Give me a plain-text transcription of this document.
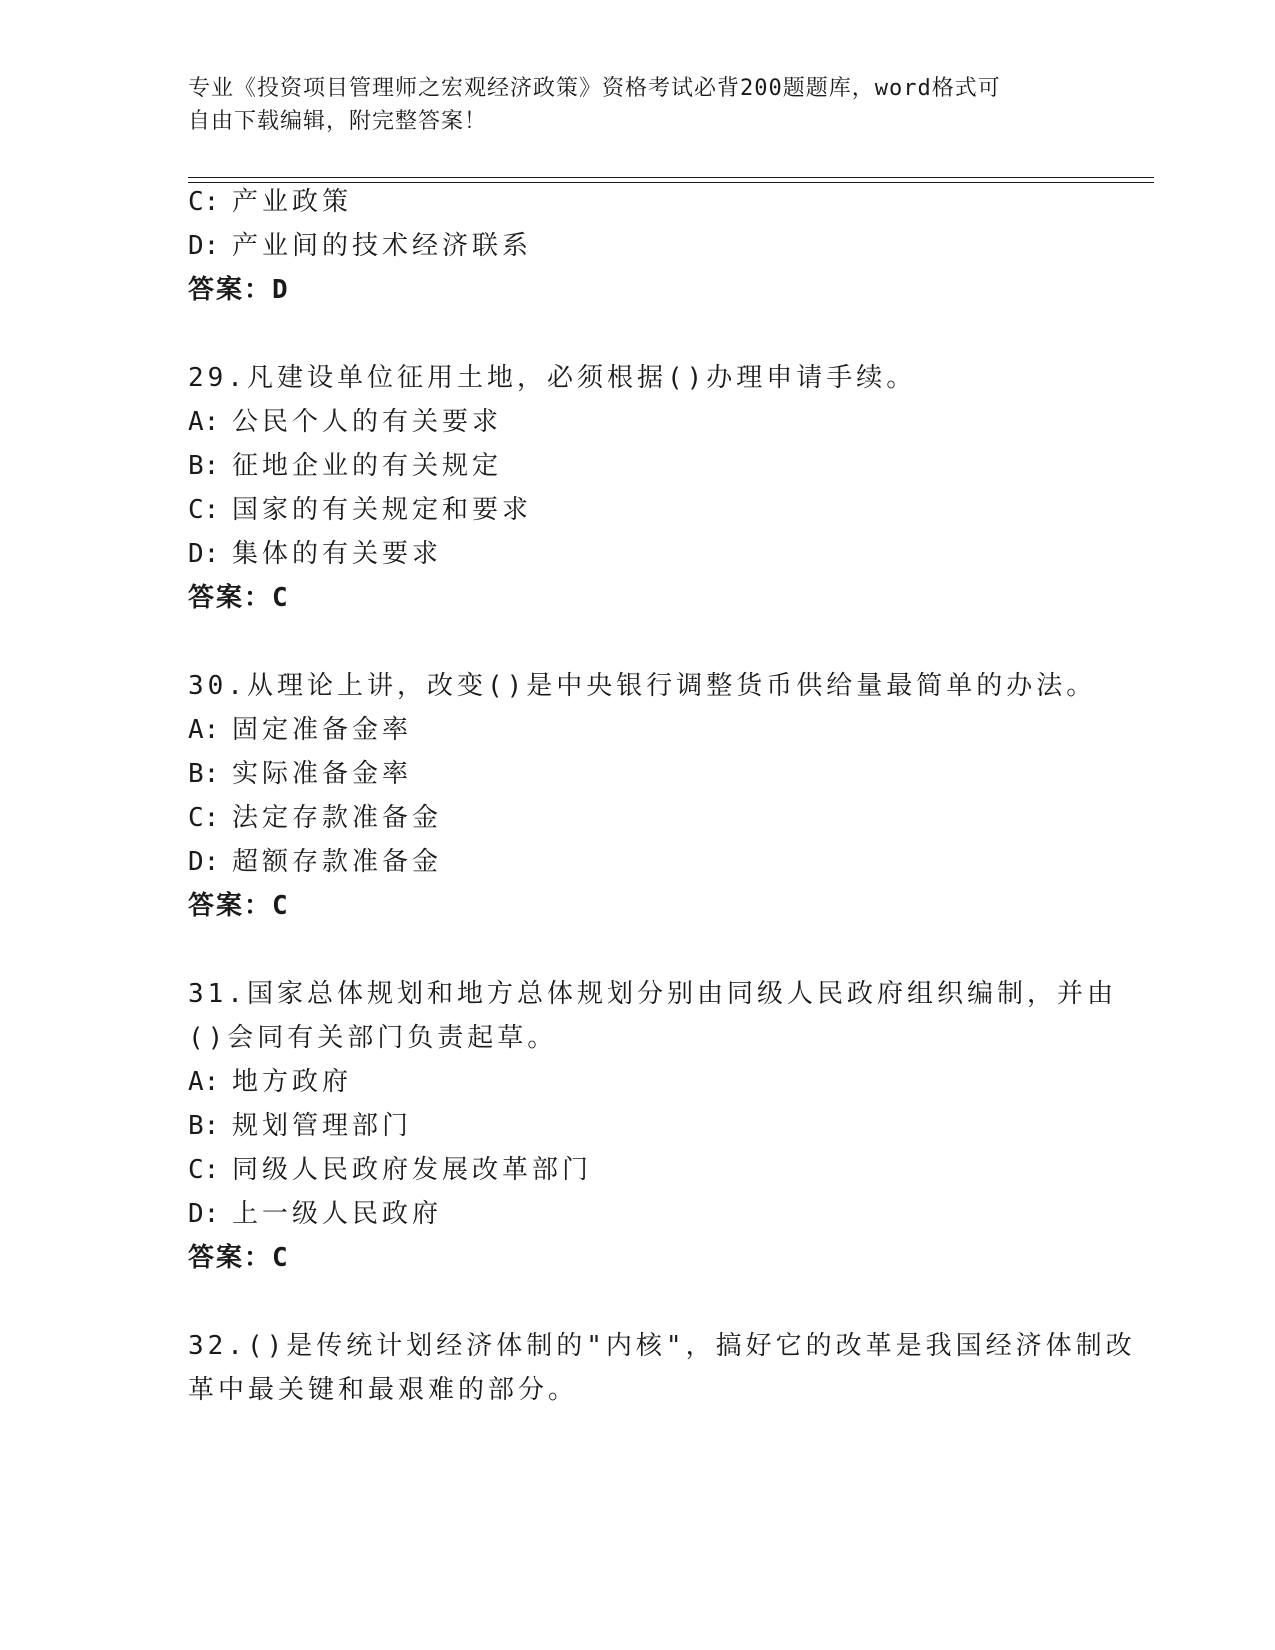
专业《投资项目管理师之宏观经济政策》资格考试必背200题题库，word格式可
自由下载编辑，附完整答案！
C: 产业政策
D: 产业间的技术经济联系
答案：D
29.凡建设单位征用土地，必须根据()办理申请手续。
A: 公民个人的有关要求
B: 征地企业的有关规定
C: 国家的有关规定和要求
D: 集体的有关要求
答案：C
30.从理论上讲，改变()是中央银行调整货币供给量最简单的办法。
A: 固定准备金率
B: 实际准备金率
C: 法定存款准备金
D: 超额存款准备金
答案：C
31.国家总体规划和地方总体规划分别由同级人民政府组织编制，并由
()会同有关部门负责起草。
A: 地方政府
B: 规划管理部门
C: 同级人民政府发展改革部门
D: 上一级人民政府
答案：C
32.()是传统计划经济体制的"内核"，搞好它的改革是我国经济体制改
革中最关键和最艰难的部分。
